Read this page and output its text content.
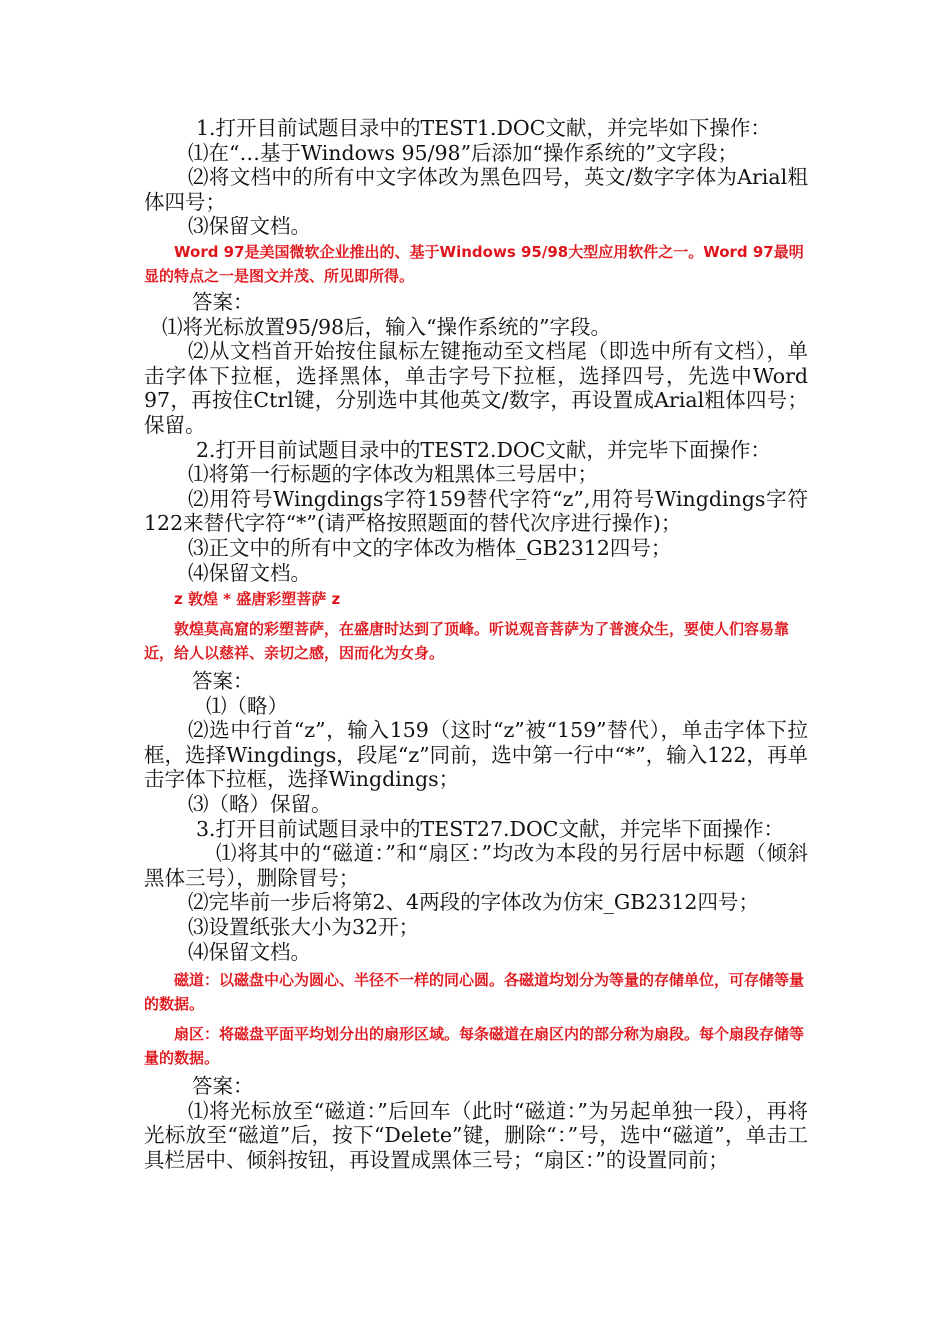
1.打开目前试题目录中的TEST1.DOC文献，并完毕如下操作：

⑴在“…基于Windows 95/98”后添加“操作系统的”文字段；

⑵将文档中的所有中文字体改为黑色四号，英文/数字字体为Arial粗体四号；

⑶保留文档。

Word 97是美国微软企业推出的、基于Windows 95/98大型应用软件之一。Word 97最明显的特点之一是图文并茂、所见即所得。

答案：

⑴将光标放置95/98后，输入“操作系统的”字段。

⑵从文档首开始按住鼠标左键拖动至文档尾（即选中所有文档），单击字体下拉框，选择黑体，单击字号下拉框，选择四号，先选中Word 97，再按住Ctrl键，分别选中其他英文/数字，再设置成Arial粗体四号；保留。

2.打开目前试题目录中的TEST2.DOC文献，并完毕下面操作：

⑴将第一行标题的字体改为粗黑体三号居中；

⑵用符号Wingdings字符159替代字符“z”,用符号Wingdings字符122来替代字符“*”(请严格按照题面的替代次序进行操作)；

⑶正文中的所有中文的字体改为楷体_GB2312四号；

⑷保留文档。

z 敦煌 * 盛唐彩塑菩萨 z

敦煌莫高窟的彩塑菩萨，在盛唐时达到了顶峰。听说观音菩萨为了普渡众生，要使人们容易靠近，给人以慈祥、亲切之感，因而化为女身。

答案：

⑴（略）

⑵选中行首“z”，输入159（这时“z”被“159”替代），单击字体下拉框，选择Wingdings，段尾“z”同前，选中第一行中“*”，输入122，再单击字体下拉框，选择Wingdings；

⑶（略）保留。

3.打开目前试题目录中的TEST27.DOC文献，并完毕下面操作：

⑴将其中的“磁道：”和“扇区：”均改为本段的另行居中标题（倾斜黑体三号），删除冒号；

⑵完毕前一步后将第2、4两段的字体改为仿宋_GB2312四号；

⑶设置纸张大小为32开；

⑷保留文档。

磁道：以磁盘中心为圆心、半径不一样的同心圆。各磁道均划分为等量的存储单位，可存储等量的数据。

扇区：将磁盘平面平均划分出的扇形区域。每条磁道在扇区内的部分称为扇段。每个扇段存储等量的数据。

答案：

⑴将光标放至“磁道：”后回车（此时“磁道：”为另起单独一段），再将光标放至“磁道”后，按下“Delete”键，删除“：”号，选中“磁道”，单击工具栏居中、倾斜按钮，再设置成黑体三号；“扇区：”的设置同前；
